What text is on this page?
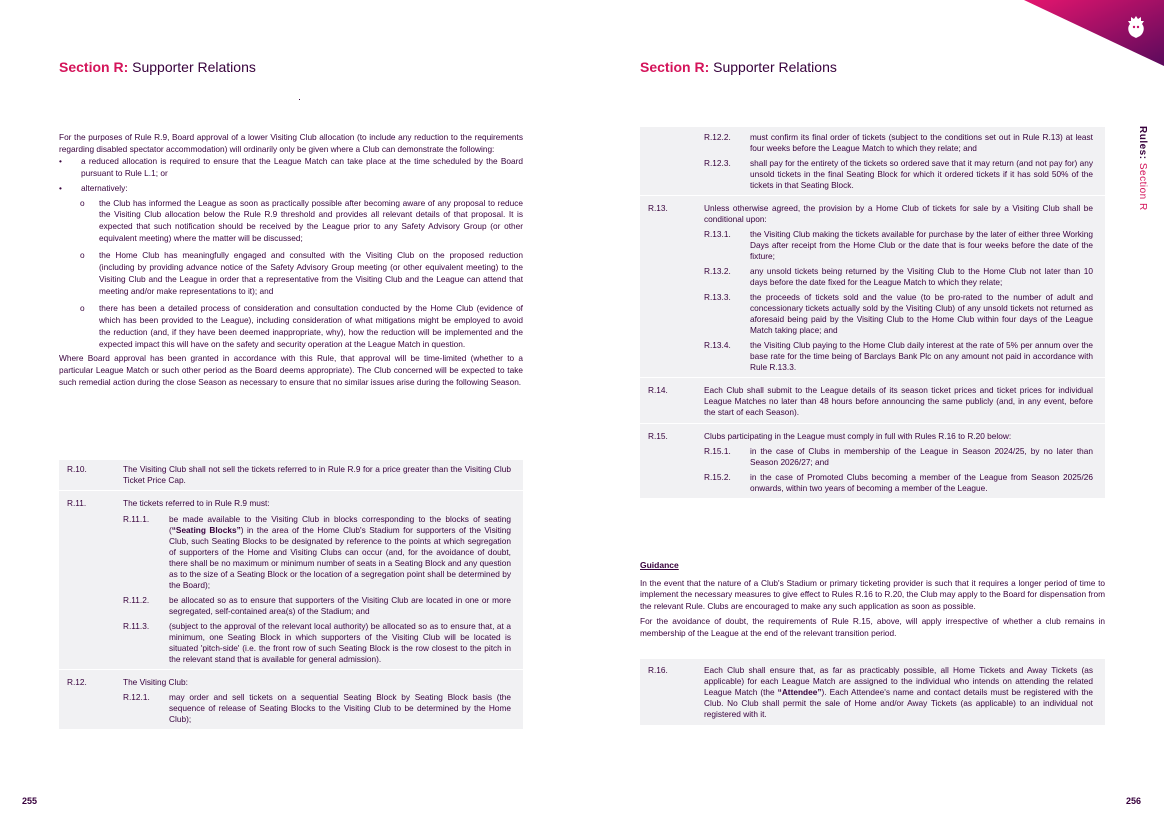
Section R: Supporter Relations

For the purposes of Rule R.9, Board approval of a lower Visiting Club allocation (to include any reduction to the requirements regarding disabled spectator accommodation) will ordinarily only be given where a Club can demonstrate the following:

• a reduced allocation is required to ensure that the League Match can take place at the time scheduled by the Board pursuant to Rule L.1; or
• alternatively:
o the Club has informed the League as soon as practically possible after becoming aware of any proposal to reduce the Visiting Club allocation below the Rule R.9 threshold and provides all relevant details of that proposal. It is expected that such notification should be received by the League prior to any Safety Advisory Group (or other equivalent meeting) where the matter will be discussed;
o the Home Club has meaningfully engaged and consulted with the Visiting Club on the proposed reduction (including by providing advance notice of the Safety Advisory Group meeting (or other equivalent meeting) to the Visiting Club and the League in order that a representative from the Visiting Club and the League can attend that meeting and/or make representations to it); and
o there has been a detailed process of consideration and consultation conducted by the Home Club (evidence of which has been provided to the League), including consideration of what mitigations might be employed to avoid the reduction (and, if they have been deemed inappropriate, why), how the reduction will be implemented and the expected impact this will have on the safety and security operation at the League Match in question.

Where Board approval has been granted in accordance with this Rule, that approval will be time-limited (whether to a particular League Match or such other period as the Board deems appropriate). The Club concerned will be expected to take such remedial action during the close Season as necessary to ensure that no similar issues arise during the following Season.

R.10.	The Visiting Club shall not sell the tickets referred to in Rule R.9 for a price greater than the Visiting Club Ticket Price Cap.
R.11.	The tickets referred to in Rule R.9 must:
R.11.1. be made available to the Visiting Club in blocks corresponding to the blocks of seating (“Seating Blocks”) in the area of the Home Club's Stadium for supporters of the Visiting Club, such Seating Blocks to be designated by reference to the points at which segregation of supporters of the Home and Visiting Clubs can occur (and, for the avoidance of doubt, there shall be no maximum or minimum number of seats in a Seating Block and any question as to the size of a Seating Block or the location of a segregation point shall be determined by the Board);
R.11.2. be allocated so as to ensure that supporters of the Visiting Club are located in one or more segregated, self-contained area(s) of the Stadium; and
R.11.3. (subject to the approval of the relevant local authority) be allocated so as to ensure that, at a minimum, one Seating Block in which supporters of the Visiting Club will be located is situated 'pitch-side' (i.e. the front row of such Seating Block is the row closest to the pitch in the relevant stand that is available for general admission).
R.12.	The Visiting Club:
R.12.1. may order and sell tickets on a sequential Seating Block by Seating Block basis (the sequence of release of Seating Blocks to the Visiting Club to be determined by the Home Club);
255
Section R: Supporter Relations
Rules: Section R
R.12.2. must confirm its final order of tickets (subject to the conditions set out in Rule R.13) at least four weeks before the League Match to which they relate; and
R.12.3. shall pay for the entirety of the tickets so ordered save that it may return (and not pay for) any unsold tickets in the final Seating Block for which it ordered tickets if it has sold 50% of the tickets in that Seating Block.
R.13.	Unless otherwise agreed, the provision by a Home Club of tickets for sale by a Visiting Club shall be conditional upon:
R.13.1. the Visiting Club making the tickets available for purchase by the later of either three Working Days after receipt from the Home Club or the date that is four weeks before the date of the fixture;
R.13.2. any unsold tickets being returned by the Visiting Club to the Home Club not later than 10 days before the date fixed for the League Match to which they relate;
R.13.3. the proceeds of tickets sold and the value (to be pro-rated to the number of adult and concessionary tickets actually sold by the Visiting Club) of any unsold tickets not returned as aforesaid being paid by the Visiting Club to the Home Club within four days of the League Match taking place; and
R.13.4. the Visiting Club paying to the Home Club daily interest at the rate of 5% per annum over the base rate for the time being of Barclays Bank Plc on any amount not paid in accordance with Rule R.13.3.
R.14.	Each Club shall submit to the League details of its season ticket prices and ticket prices for individual League Matches no later than 48 hours before announcing the same publicly (and, in any event, before the start of each Season).
R.15.	Clubs participating in the League must comply in full with Rules R.16 to R.20 below:
R.15.1. in the case of Clubs in membership of the League in Season 2024/25, by no later than Season 2026/27; and
R.15.2. in the case of Promoted Clubs becoming a member of the League from Season 2025/26 onwards, within two years of becoming a member of the League.
Guidance

In the event that the nature of a Club's Stadium or primary ticketing provider is such that it requires a longer period of time to implement the necessary measures to give effect to Rules R.16 to R.20, the Club may apply to the Board for dispensation from the relevant Rule. Clubs are encouraged to make any such application as soon as possible.

For the avoidance of doubt, the requirements of Rule R.15, above, will apply irrespective of whether a club remains in membership of the League at the end of the relevant transition period.

R.16.	Each Club shall ensure that, as far as practicably possible, all Home Tickets and Away Tickets (as applicable) for each League Match are assigned to the individual who intends on attending the related League Match (the “Attendee”). Each Attendee's name and contact details must be registered with the Club. No Club shall permit the sale of Home and/or Away Tickets (as applicable) to an individual not registered with it.
256
